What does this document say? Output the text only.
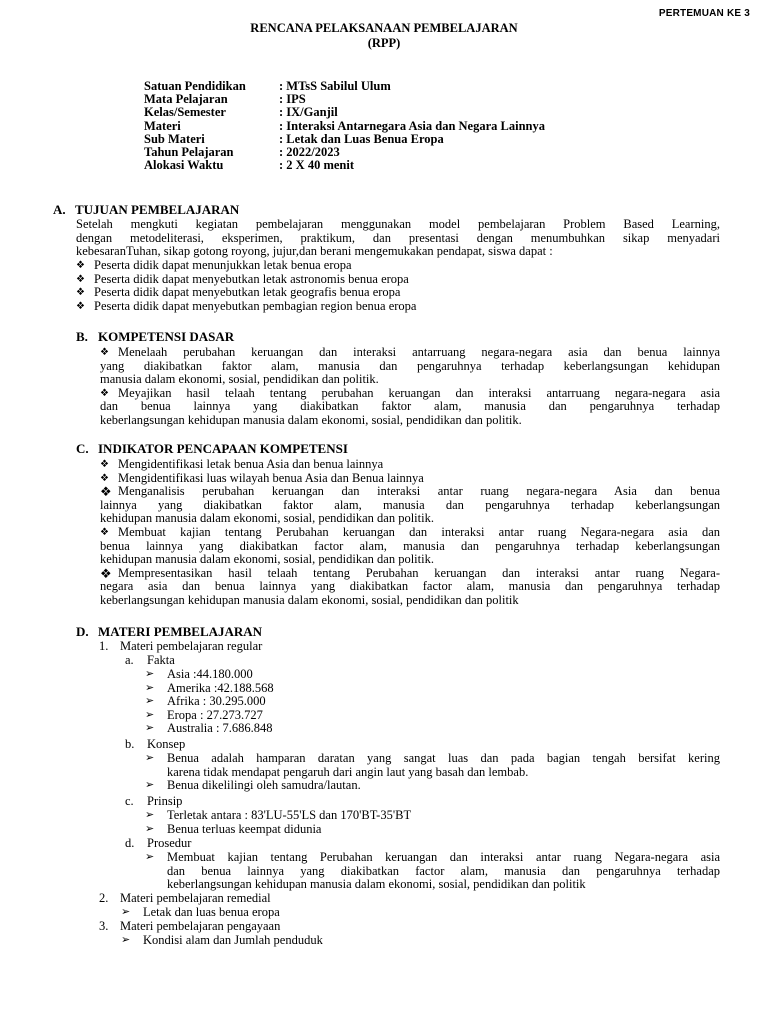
PERTEMUAN KE 3
RENCANA PELAKSANAAN PEMBELAJARAN
(RPP)
Satuan Pendidikan	: MTsS Sabilul Ulum
Mata Pelajaran	: IPS
Kelas/Semester	: IX/Ganjil
Materi	: Interaksi Antarnegara Asia dan Negara Lainnya
Sub Materi	: Letak dan Luas Benua Eropa
Tahun Pelajaran	: 2022/2023
Alokasi Waktu	: 2 X 40 menit
A. TUJUAN PEMBELAJARAN
Setelah mengkuti kegiatan pembelajaran menggunakan model pembelajaran Problem Based Learning,
dengan metodeliterasi, eksperimen, praktikum, dan presentasi dengan menumbuhkan sikap menyadari
kebesaranTuhan, sikap gotong royong, jujur,dan berani mengemukakan pendapat, siswa dapat :
❖ Peserta didik dapat menunjukkan letak benua eropa
❖ Peserta didik dapat menyebutkan letak astronomis benua eropa
❖ Peserta didik dapat menyebutkan letak geografis benua eropa
❖ Peserta didik dapat menyebutkan pembagian region benua eropa
B. KOMPETENSI DASAR
❖ Menelaah perubahan keruangan dan interaksi antarruang negara-negara asia dan benua lainnya
yang diakibatkan faktor alam, manusia dan pengaruhnya terhadap keberlangsungan kehidupan
manusia dalam ekonomi, sosial, pendidikan dan politik.
❖ Meyajikan hasil telaah tentang perubahan keruangan dan interaksi antarruang negara-negara asia
dan benua lainnya yang diakibatkan faktor alam, manusia dan pengaruhnya terhadap
keberlangsungan kehidupan manusia dalam ekonomi, sosial, pendidikan dan politik.
C. INDIKATOR PENCAPAAN KOMPETENSI
❖ Mengidentifikasi letak benua Asia dan benua lainnya
❖ Mengidentifikasi luas wilayah benua Asia dan Benua lainnya
❖ Menganalisis perubahan keruangan dan interaksi antar ruang negara-negara Asia dan benua
lainnya yang diakibatkan faktor alam, manusia dan pengaruhnya terhadap keberlangsungan
kehidupan manusia dalam ekonomi, sosial, pendidikan dan politik.
❖ Membuat kajian tentang Perubahan keruangan dan interaksi antar ruang Negara-negara asia dan
benua lainnya yang diakibatkan factor alam, manusia dan pengaruhnya terhadap keberlangsungan
kehidupan manusia dalam ekonomi, sosial, pendidikan dan politik.
❖ Mempresentasikan hasil telaah tentang Perubahan keruangan dan interaksi antar ruang Negara-
negara asia dan benua lainnya yang diakibatkan factor alam, manusia dan pengaruhnya terhadap
keberlangsungan kehidupan manusia dalam ekonomi, sosial, pendidikan dan politik
D. MATERI PEMBELAJARAN
1. Materi pembelajaran regular
a. Fakta
➢	Asia :44.180.000
➢	Amerika :42.188.568
➢	Afrika : 30.295.000
➢	Eropa : 27.273.727
➢	Australia : 7.686.848
b. Konsep
➢	Benua adalah hamparan daratan yang sangat luas dan pada bagian tengah bersifat kering
karena tidak mendapat pengaruh dari angin laut yang basah dan lembab.
➢	Benua dikelilingi oleh samudra/lautan.
c. Prinsip
➢	Terletak antara : 83'LU-55'LS dan 170'BT-35'BT
➢	Benua terluas keempat didunia
d. Prosedur
➢	Membuat kajian tentang Perubahan keruangan dan interaksi antar ruang Negara-negara asia
dan benua lainnya yang diakibatkan factor alam, manusia dan pengaruhnya terhadap
keberlangsungan kehidupan manusia dalam ekonomi, sosial, pendidikan dan politik
2. Materi pembelajaran remedial
➢	Letak dan luas benua eropa
3. Materi pembelajaran pengayaan
➢	Kondisi alam dan Jumlah penduduk
